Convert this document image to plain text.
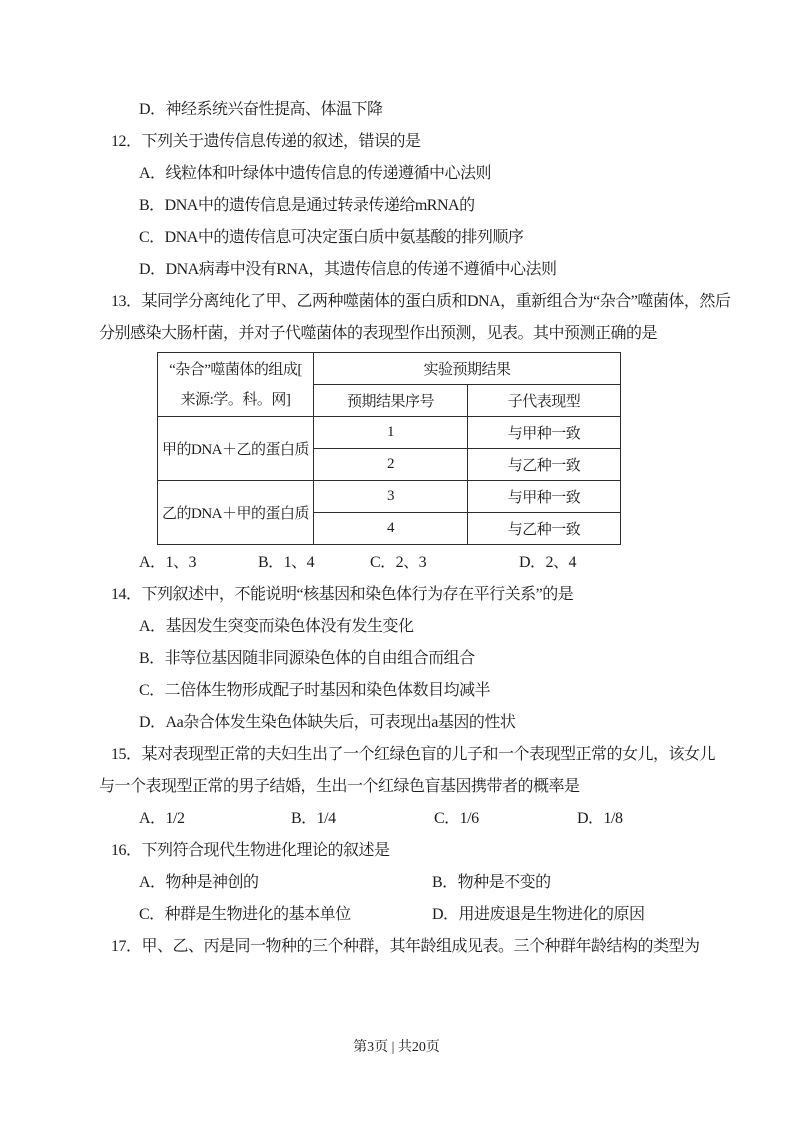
D．神经系统兴奋性提高、体温下降
12．下列关于遗传信息传递的叙述，错误的是
A．线粒体和叶绿体中遗传信息的传递遵循中心法则
B．DNA中的遗传信息是通过转录传递给mRNA的
C．DNA中的遗传信息可决定蛋白质中氨基酸的排列顺序
D．DNA病毒中没有RNA，其遗传信息的传递不遵循中心法则
13．某同学分离纯化了甲、乙两种噬菌体的蛋白质和DNA，重新组合为“杂合”噬菌体，然后
分别感染大肠杆菌，并对子代噬菌体的表现型作出预测，见表。其中预测正确的是
“杂合”噬菌体的组成[
来源:学。科。网]	实验预期结果	
	预期结果序号	子代表现型
甲的DNA＋乙的蛋白质	1	与甲种一致
	2	与乙种一致
乙的DNA＋甲的蛋白质	3	与甲种一致
	4	与乙种一致
A．1、3	B．1、4	C．2、3	D．2、4
14．下列叙述中，不能说明“核基因和染色体行为存在平行关系”的是
A．基因发生突变而染色体没有发生变化
B．非等位基因随非同源染色体的自由组合而组合
C．二倍体生物形成配子时基因和染色体数目均减半
D．Aa杂合体发生染色体缺失后，可表现出a基因的性状
15．某对表现型正常的夫妇生出了一个红绿色盲的儿子和一个表现型正常的女儿，该女儿
与一个表现型正常的男子结婚，生出一个红绿色盲基因携带者的概率是
A．1/2	B．1/4	C．1/6	D．1/8
16．下列符合现代生物进化理论的叙述是
A．物种是神创的	B．物种是不变的
C．种群是生物进化的基本单位	D．用进废退是生物进化的原因
17．甲、乙、丙是同一物种的三个种群，其年龄组成见表。三个种群年龄结构的类型为
第3页 | 共20页
